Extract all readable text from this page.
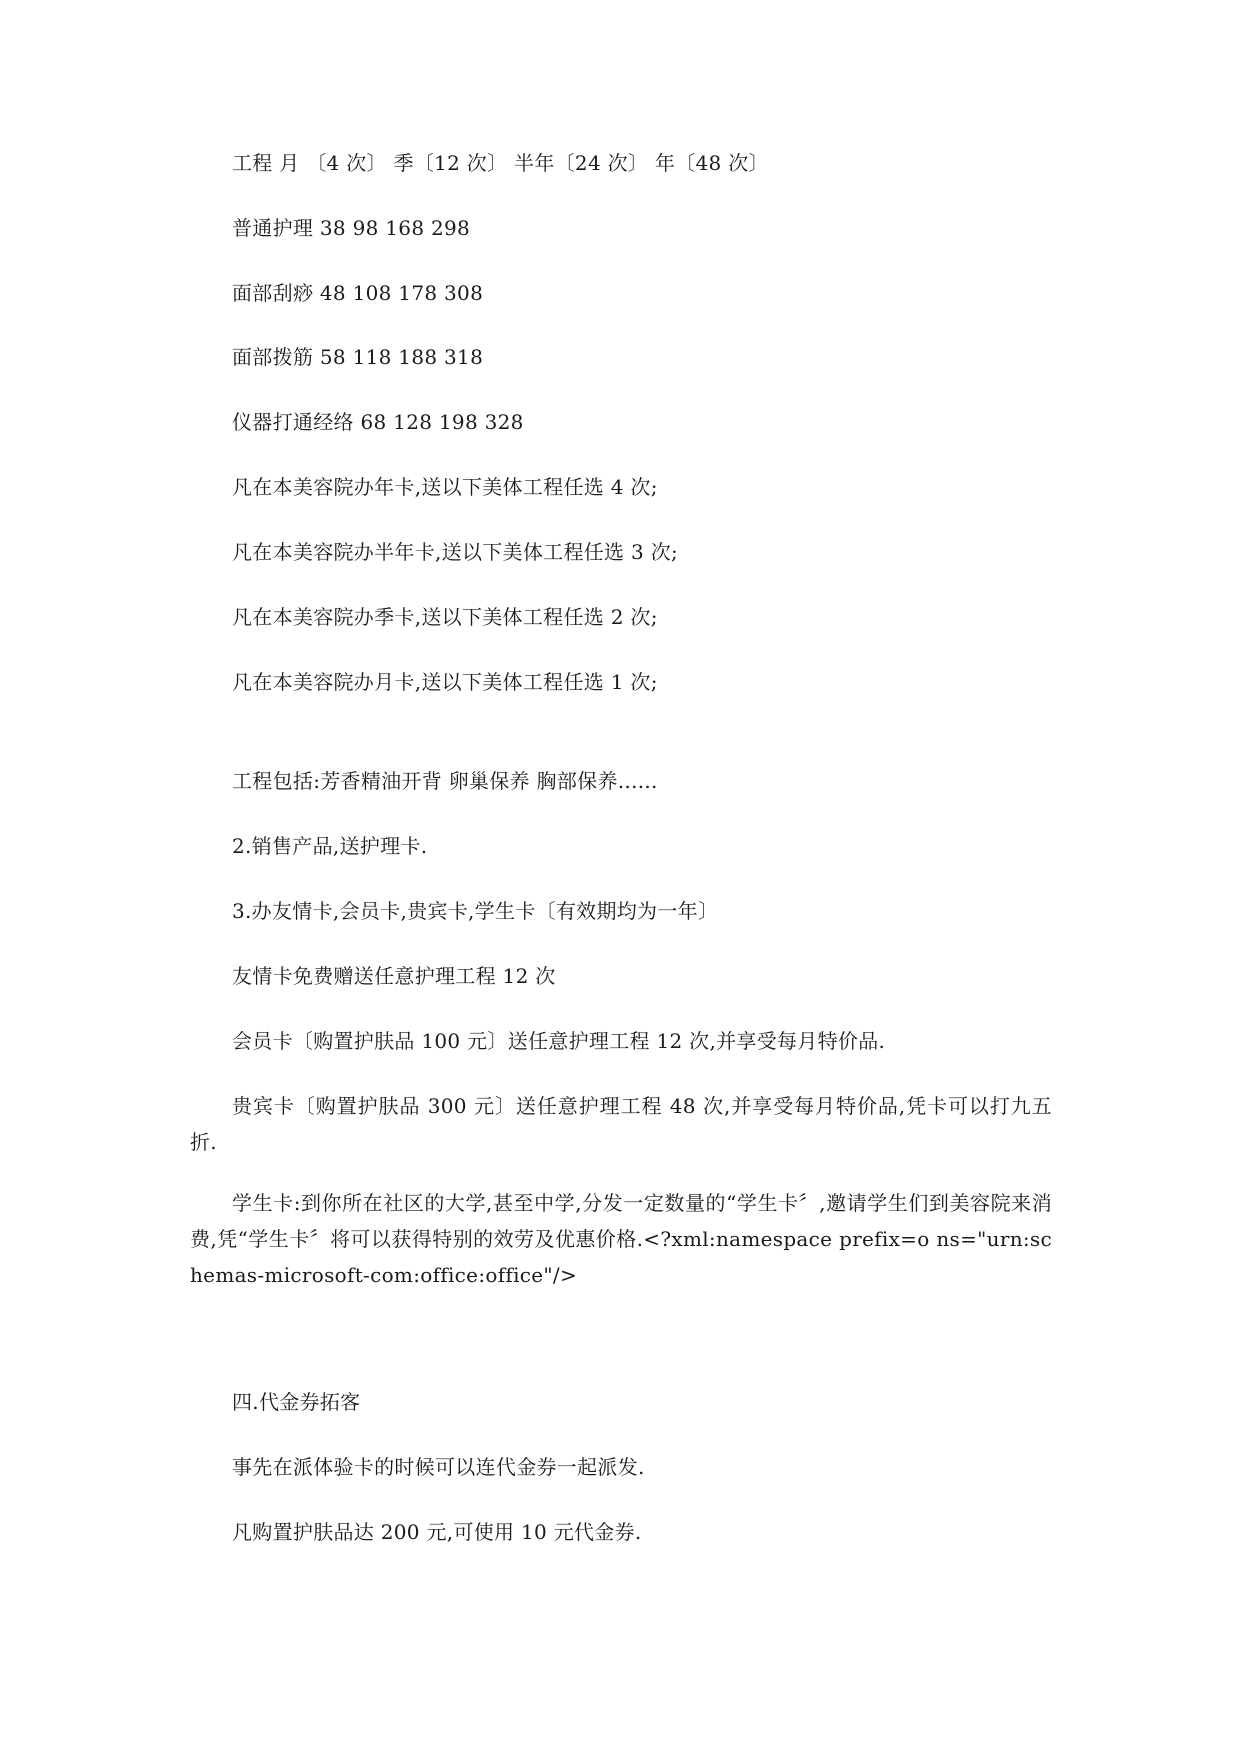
工程 月 〔4 次〕 季〔12 次〕 半年〔24 次〕 年〔48 次〕
普通护理 38 98 168 298
面部刮痧 48 108 178 308
面部拨筋 58 118 188 318
仪器打通经络 68 128 198 328
凡在本美容院办年卡,送以下美体工程任选 4 次;
凡在本美容院办半年卡,送以下美体工程任选 3 次;
凡在本美容院办季卡,送以下美体工程任选 2 次;
凡在本美容院办月卡,送以下美体工程任选 1 次;
工程包括:芳香精油开背 卵巢保养 胸部保养......
2.销售产品,送护理卡.
3.办友情卡,会员卡,贵宾卡,学生卡〔有效期均为一年〕
友情卡免费赠送任意护理工程 12 次
会员卡〔购置护肤品 100 元〕送任意护理工程 12 次,并享受每月特价品.
贵宾卡〔购置护肤品 300 元〕送任意护理工程 48 次,并享受每月特价品,凭卡可以打九五折.
学生卡:到你所在社区的大学,甚至中学,分发一定数量的“学生卡〞,邀请学生们到美容院来消费,凭“学生卡〞将可以获得特别的效劳及优惠价格.<?xml:namespace prefix=o ns="urn:schemas-microsoft-com:office:office"/>
四.代金券拓客
事先在派体验卡的时候可以连代金券一起派发.
凡购置护肤品达 200 元,可使用 10 元代金券.
